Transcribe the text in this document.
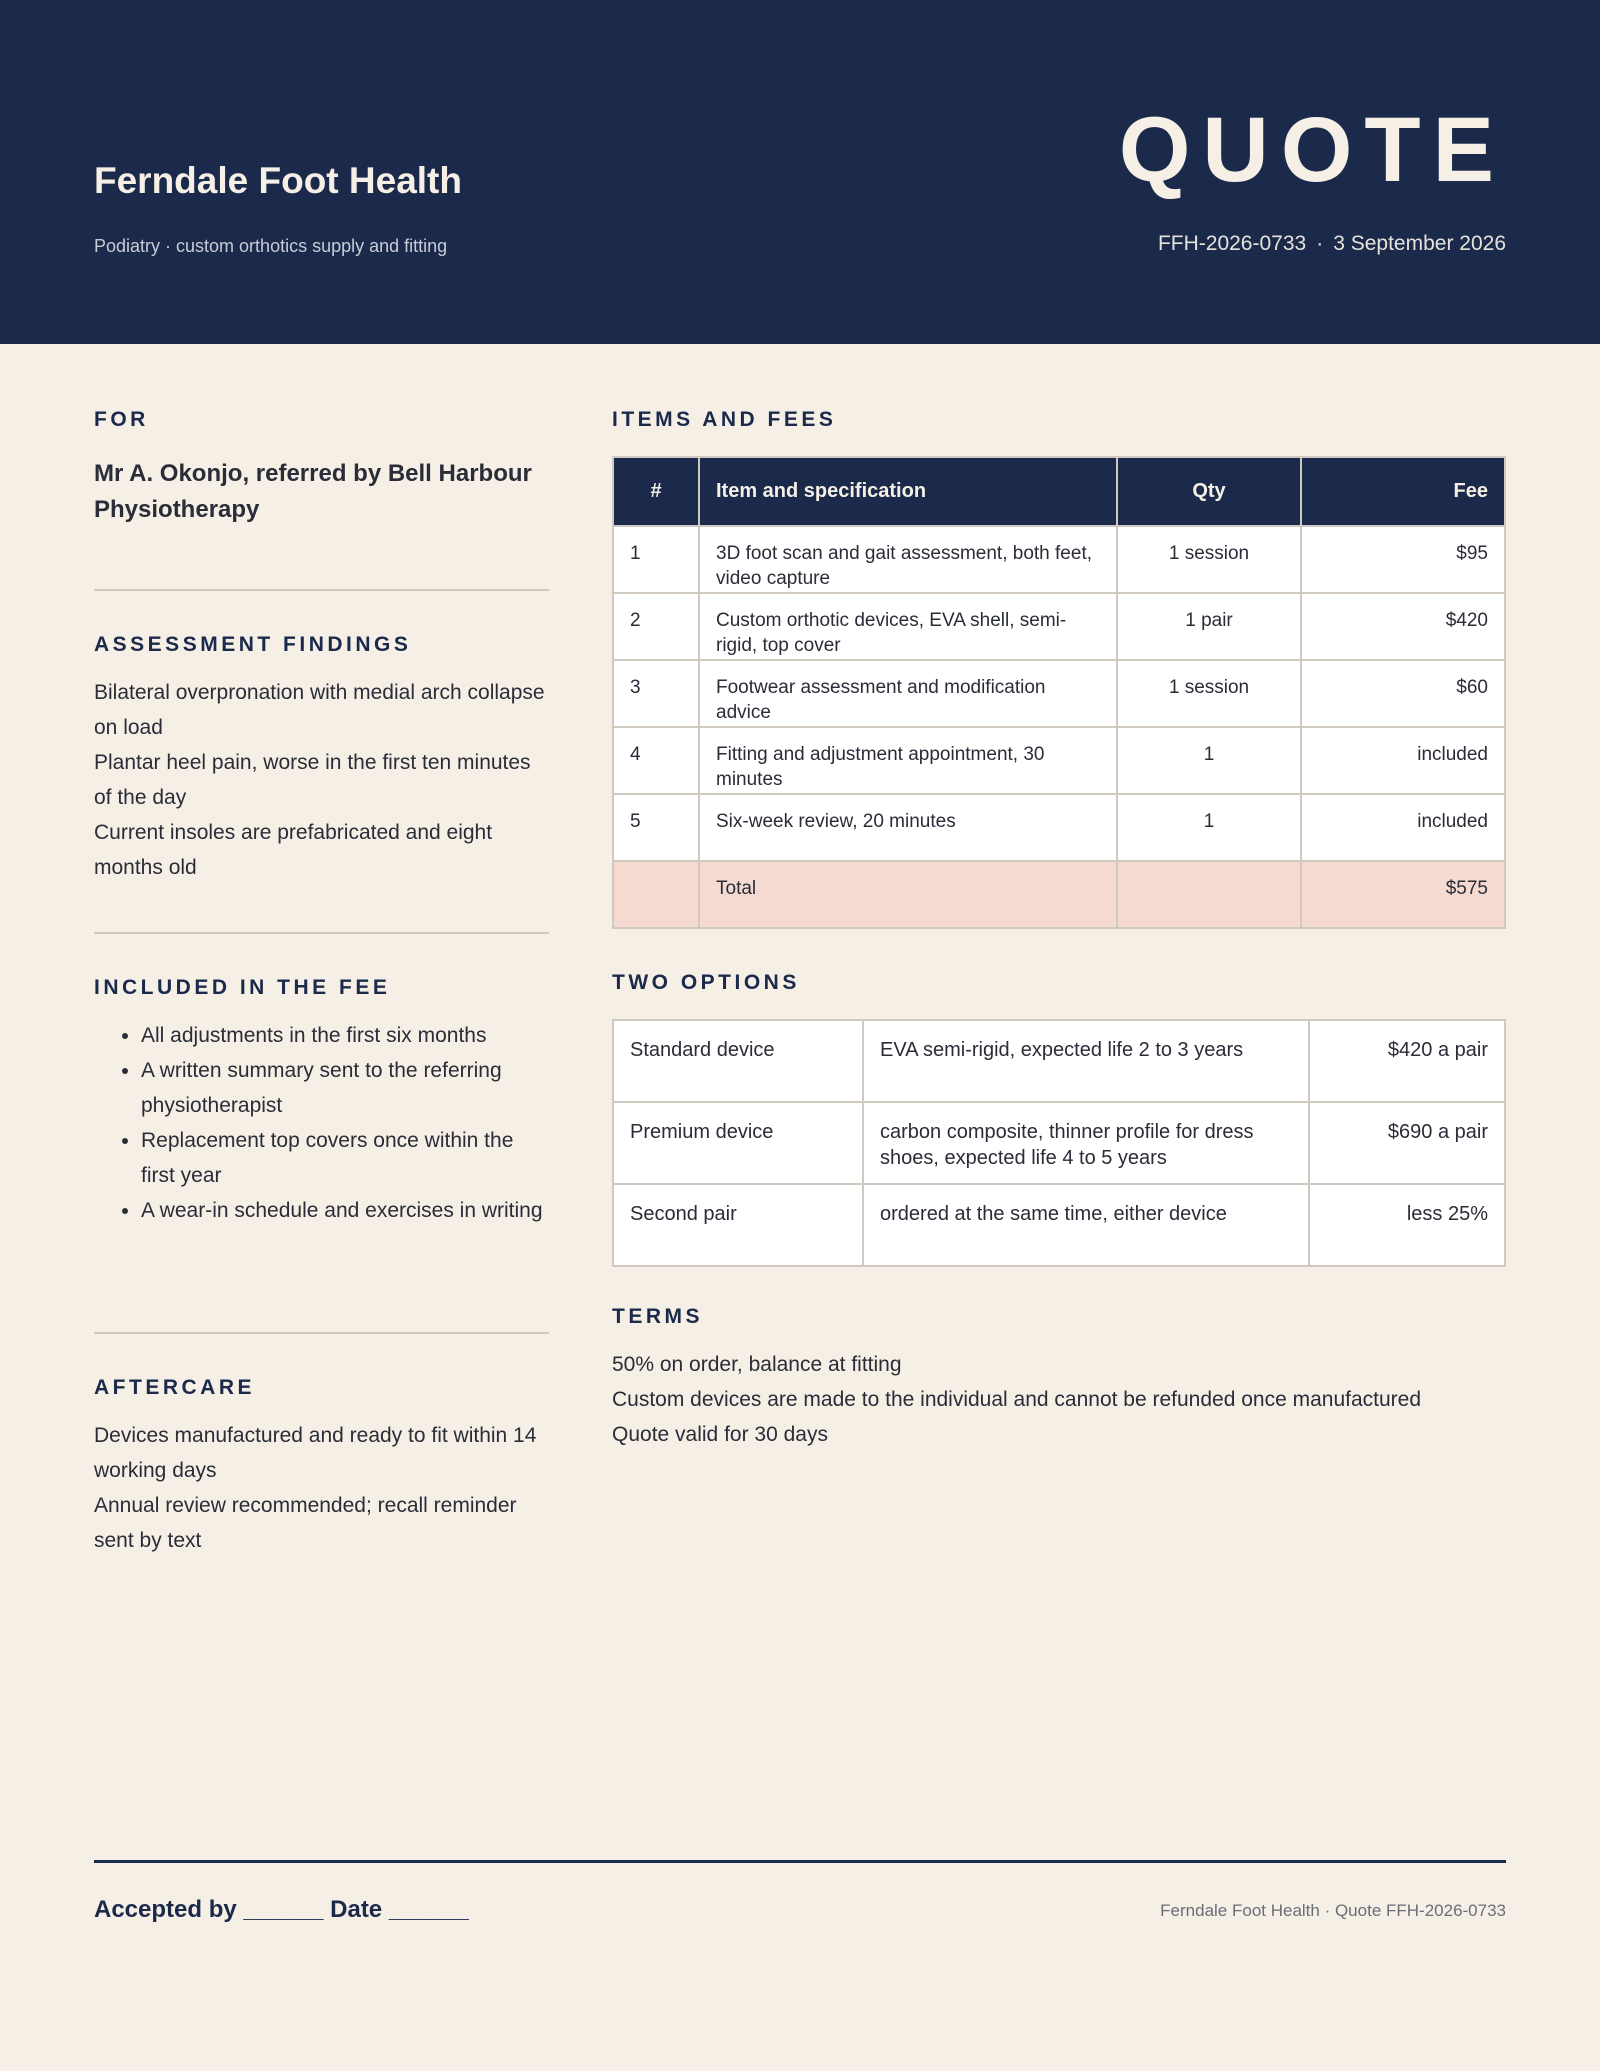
Ferndale Foot Health
Podiatry · custom orthotics supply and fitting
QUOTE
FFH-2026-0733 · 3 September 2026
FOR
Mr A. Okonjo, referred by Bell Harbour Physiotherapy
ASSESSMENT FINDINGS
Bilateral overpronation with medial arch collapse on load
Plantar heel pain, worse in the first ten minutes of the day
Current insoles are prefabricated and eight months old
INCLUDED IN THE FEE
• All adjustments in the first six months
• A written summary sent to the referring physiotherapist
• Replacement top covers once within the first year
• A wear-in schedule and exercises in writing
AFTERCARE
Devices manufactured and ready to fit within 14 working days
Annual review recommended; recall reminder sent by text
ITEMS AND FEES
#	Item and specification	Qty	Fee
1	3D foot scan and gait assessment, both feet, video capture	1 session	$95
2	Custom orthotic devices, EVA shell, semi-rigid, top cover	1 pair	$420
3	Footwear assessment and modification advice	1 session	$60
4	Fitting and adjustment appointment, 30 minutes	1	included
5	Six-week review, 20 minutes	1	included
	Total		$575
TWO OPTIONS
Standard device	EVA semi-rigid, expected life 2 to 3 years	$420 a pair
Premium device	carbon composite, thinner profile for dress shoes, expected life 4 to 5 years	$690 a pair
Second pair	ordered at the same time, either device	less 25%
TERMS
50% on order, balance at fitting
Custom devices are made to the individual and cannot be refunded once manufactured
Quote valid for 30 days
Accepted by ______ Date ______	Ferndale Foot Health · Quote FFH-2026-0733
